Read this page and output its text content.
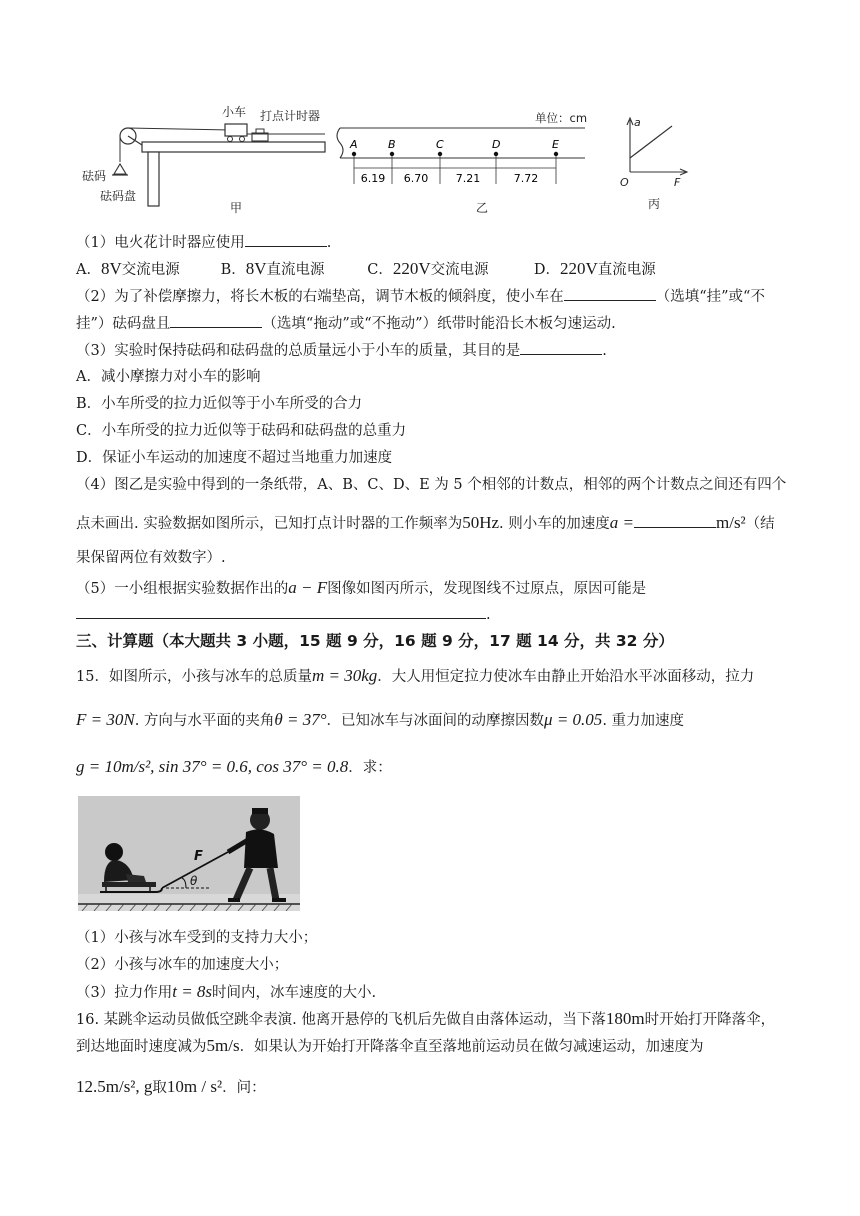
小车 打点计时器
砝码
砝码盘
甲
单位：cm
A	B	C	D	E
6.19 6.70	7.21	7.72
乙
a
F
O
丙
（1）电火花计时器应使用	.
A．8V交流电源	B．8V直流电源	C．220V交流电源	D．220V直流电源
（2）为了补偿摩擦力，将长木板的右端垫高，调节木板的倾斜度，使小车在	（选填“挂”或“不
挂”）砝码盘且	（选填“拖动”或“不拖动”）纸带时能沿长木板匀速运动.
（3）实验时保持砝码和砝码盘的总质量远小于小车的质量，其目的是	.
A．减小摩擦力对小车的影响
B．小车所受的拉力近似等于小车所受的合力
C．小车所受的拉力近似等于砝码和砝码盘的总重力
D．保证小车运动的加速度不超过当地重力加速度
（4）图乙是实验中得到的一条纸带，A、B、C、D、E 为 5 个相邻的计数点，相邻的两个计数点之间还有四个
点未画出. 实验数据如图所示，已知打点计时器的工作频率为50Hz. 则小车的加速度a =	m/s²（结
果保留两位有效数字）.
（5）一小组根据实验数据作出的a − F图像如图丙所示，发现图线不过原点，原因可能是
.
三、计算题（本大题共 3 小题，15 题 9 分，16 题 9 分，17 题 14 分，共 32 分）
15．如图所示，小孩与冰车的总质量m = 30kg．大人用恒定拉力使冰车由静止开始沿水平冰面移动，拉力
F = 30N. 方向与水平面的夹角θ = 37°．已知冰车与冰面间的动摩擦因数μ = 0.05. 重力加速度
g = 10m/s², sin 37° = 0.6, cos 37° = 0.8．求：
θ
F
（1）小孩与冰车受到的支持力大小；
（2）小孩与冰车的加速度大小；
（3）拉力作用t = 8s时间内，冰车速度的大小.
16. 某跳伞运动员做低空跳伞表演. 他离开悬停的飞机后先做自由落体运动，当下落180m时开始打开降落伞，
到达地面时速度减为5m/s．如果认为开始打开降落伞直至落地前运动员在做匀减速运动，加速度为
12.5m/s², g取10m / s²．问：
